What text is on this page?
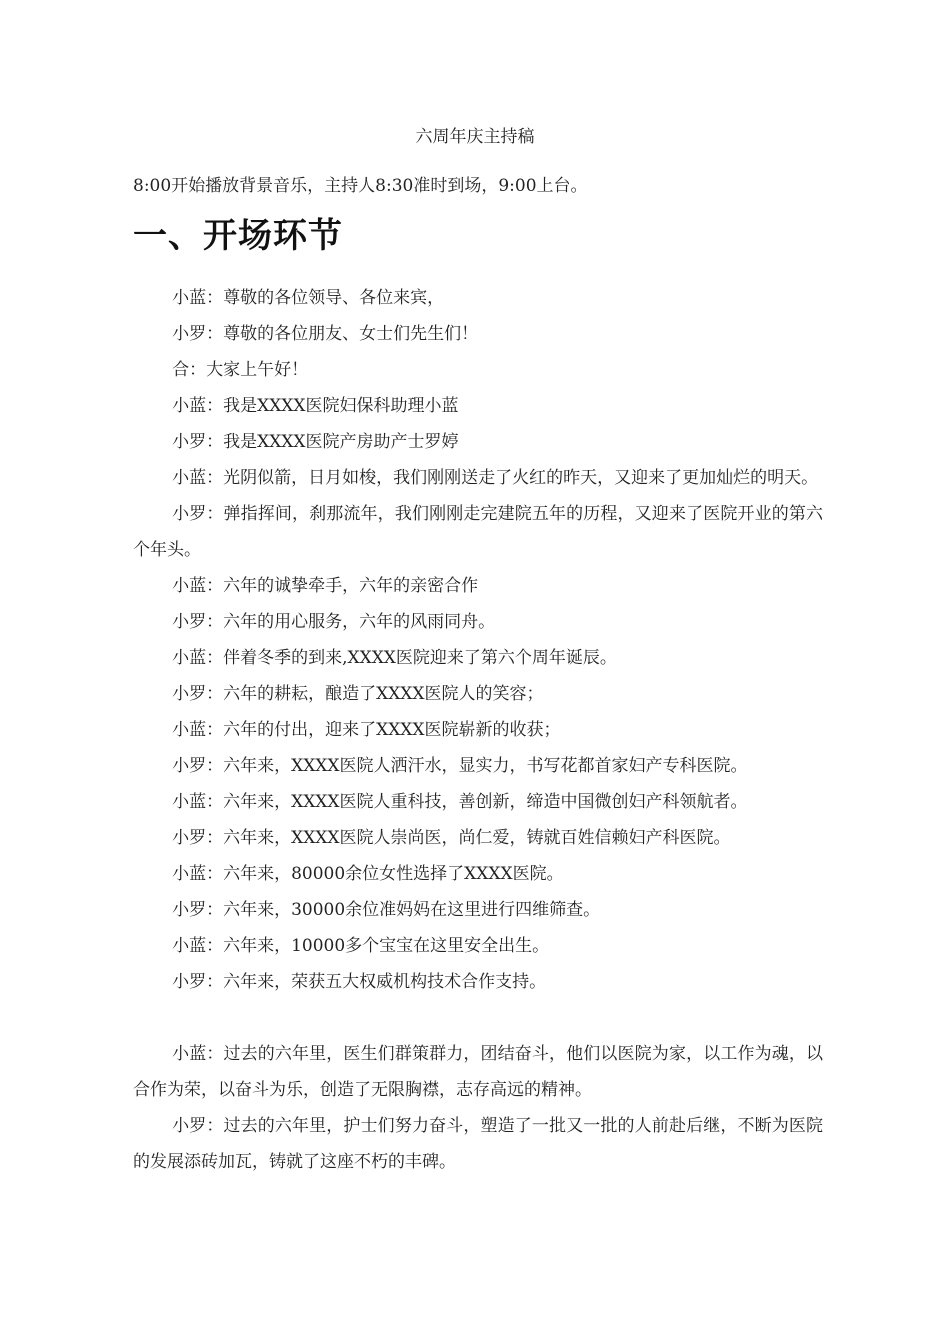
六周年庆主持稿
8:00开始播放背景音乐，主持人8:30准时到场，9:00上台。
一、开场环节

小蓝：尊敬的各位领导、各位来宾，

小罗：尊敬的各位朋友、女士们先生们！

合：大家上午好！

小蓝：我是XXXX医院妇保科助理小蓝

小罗：我是XXXX医院产房助产士罗婷

小蓝：光阴似箭，日月如梭，我们刚刚送走了火红的昨天，又迎来了更加灿烂的明天。

小罗：弹指挥间，刹那流年，我们刚刚走完建院五年的历程，又迎来了医院开业的第六个年头。

小蓝：六年的诚挚牵手，六年的亲密合作

小罗：六年的用心服务，六年的风雨同舟。

小蓝：伴着冬季的到来,XXXX医院迎来了第六个周年诞辰。

小罗：六年的耕耘，酿造了XXXX医院人的笑容；

小蓝：六年的付出，迎来了XXXX医院崭新的收获；

小罗：六年来，XXXX医院人洒汗水，显实力，书写花都首家妇产专科医院。

小蓝：六年来，XXXX医院人重科技，善创新，缔造中国微创妇产科领航者。

小罗：六年来，XXXX医院人崇尚医，尚仁爱，铸就百姓信赖妇产科医院。

小蓝：六年来，80000余位女性选择了XXXX医院。

小罗：六年来，30000余位准妈妈在这里进行四维筛查。

小蓝：六年来，10000多个宝宝在这里安全出生。

小罗：六年来，荣获五大权威机构技术合作支持。

小蓝：过去的六年里，医生们群策群力，团结奋斗，他们以医院为家，以工作为魂，以合作为荣，以奋斗为乐，创造了无限胸襟，志存高远的精神。

小罗：过去的六年里，护士们努力奋斗，塑造了一批又一批的人前赴后继，不断为医院的发展添砖加瓦，铸就了这座不朽的丰碑。
